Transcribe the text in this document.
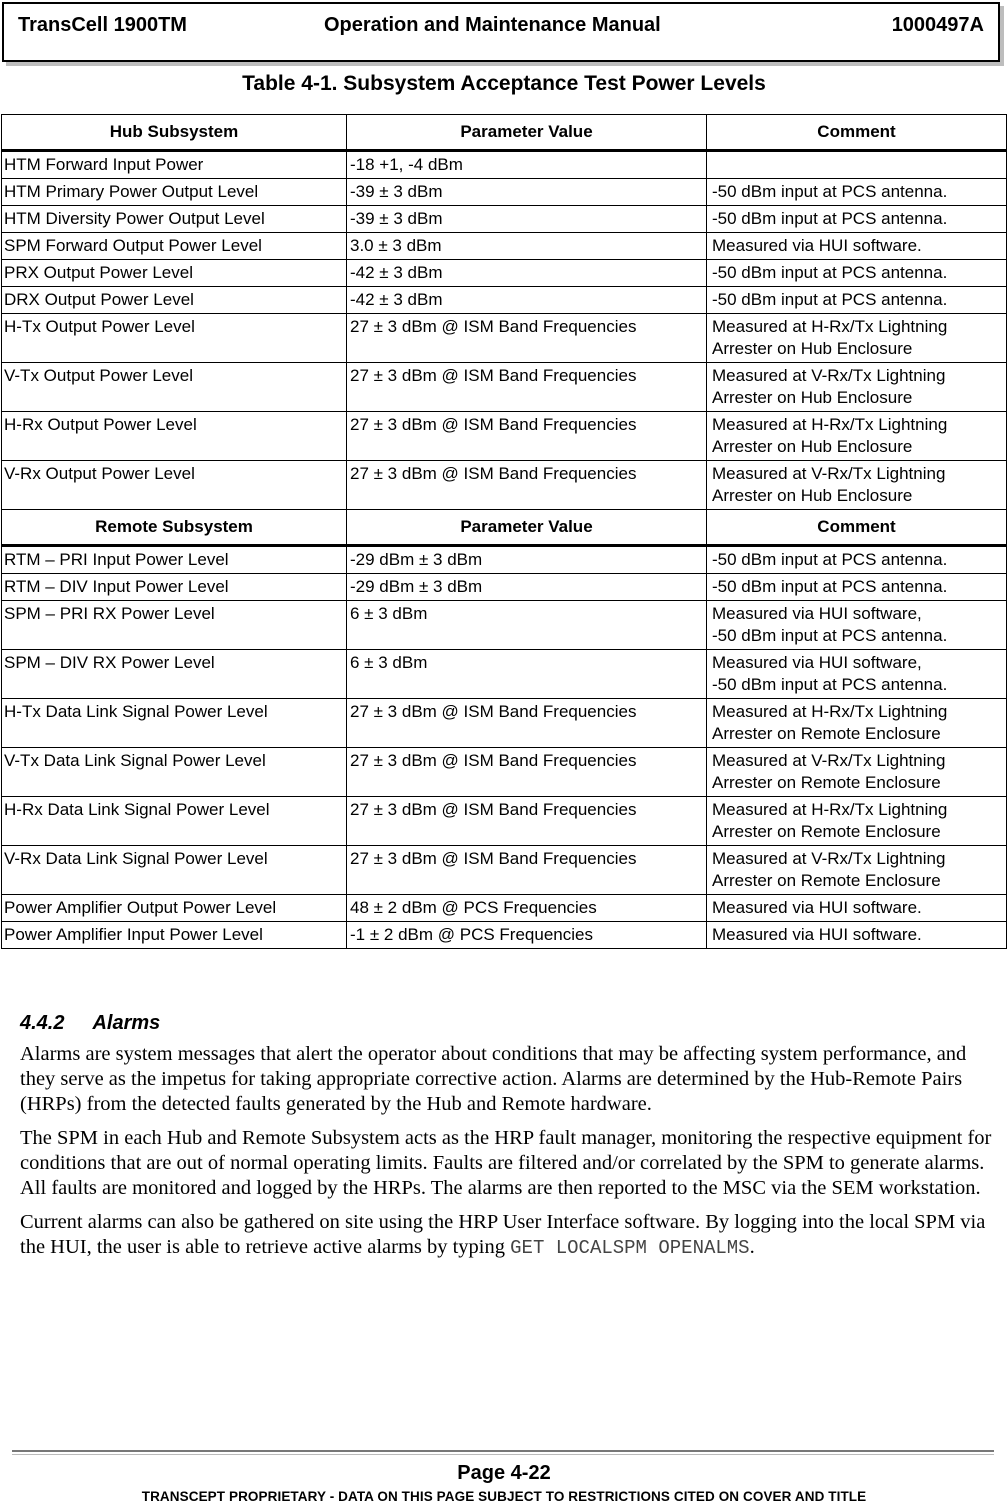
TransCell 1900TM	Operation and Maintenance Manual	1000497A
Table 4-1. Subsystem Acceptance Test Power Levels
Hub Subsystem	Parameter Value	Comment
HTM Forward Input Power	-18 +1, -4 dBm	

HTM Primary Power Output Level	-39 ± 3 dBm	-50 dBm input at PCS antenna.

HTM Diversity Power Output Level	-39 ± 3 dBm	-50 dBm input at PCS antenna.

SPM Forward Output Power Level	3.0 ± 3 dBm	Measured via HUI software.

PRX Output Power Level	-42 ± 3 dBm	-50 dBm input at PCS antenna.

DRX Output Power Level	-42 ± 3 dBm	-50 dBm input at PCS antenna.

H-Tx Output Power Level	27 ± 3 dBm @ ISM Band Frequencies	Measured at H-Rx/Tx Lightning
Arrester on Hub Enclosure

V-Tx Output Power Level	27 ± 3 dBm @ ISM Band Frequencies	Measured at V-Rx/Tx Lightning
Arrester on Hub Enclosure

H-Rx Output Power Level	27 ± 3 dBm @ ISM Band Frequencies	Measured at H-Rx/Tx Lightning
Arrester on Hub Enclosure

V-Rx Output Power Level	27 ± 3 dBm @ ISM Band Frequencies	Measured at V-Rx/Tx Lightning
Arrester on Hub Enclosure

Remote Subsystem	Parameter Value	Comment
RTM – PRI Input Power Level	-29 dBm ± 3 dBm	-50 dBm input at PCS antenna.

RTM – DIV Input Power Level	-29 dBm ± 3 dBm	-50 dBm input at PCS antenna.

SPM – PRI RX Power Level	6 ± 3 dBm	Measured via HUI software,
-50 dBm input at PCS antenna.

SPM – DIV RX Power Level	6 ± 3 dBm	Measured via HUI software,
-50 dBm input at PCS antenna.

H-Tx Data Link Signal Power Level	27 ± 3 dBm @ ISM Band Frequencies	Measured at H-Rx/Tx Lightning
Arrester on Remote Enclosure

V-Tx Data Link Signal Power Level	27 ± 3 dBm @ ISM Band Frequencies	Measured at V-Rx/Tx Lightning
Arrester on Remote Enclosure

H-Rx Data Link Signal Power Level	27 ± 3 dBm @ ISM Band Frequencies	Measured at H-Rx/Tx Lightning
Arrester on Remote Enclosure

V-Rx Data Link Signal Power Level	27 ± 3 dBm @ ISM Band Frequencies	Measured at V-Rx/Tx Lightning
Arrester on Remote Enclosure

Power Amplifier Output Power Level	48 ± 2 dBm @ PCS Frequencies	Measured via HUI software.

Power Amplifier Input Power Level	-1 ± 2 dBm @ PCS Frequencies	Measured via HUI software.
4.4.2 Alarms

Alarms are system messages that alert the operator about conditions that may be affecting system performance, and they serve as the impetus for taking appropriate corrective action. Alarms are determined by the Hub-Remote Pairs (HRPs) from the detected faults generated by the Hub and Remote hardware.

The SPM in each Hub and Remote Subsystem acts as the HRP fault manager, monitoring the respective equipment for conditions that are out of normal operating limits. Faults are filtered and/or correlated by the SPM to generate alarms. All faults are monitored and logged by the HRPs. The alarms are then reported to the MSC via the SEM workstation.

Current alarms can also be gathered on site using the HRP User Interface software. By logging into the local SPM via the HUI, the user is able to retrieve active alarms by typing GET LOCALSPM OPENALMS.

Page 4-22
TRANSCEPT PROPRIETARY - DATA ON THIS PAGE SUBJECT TO RESTRICTIONS CITED ON COVER AND TITLE
